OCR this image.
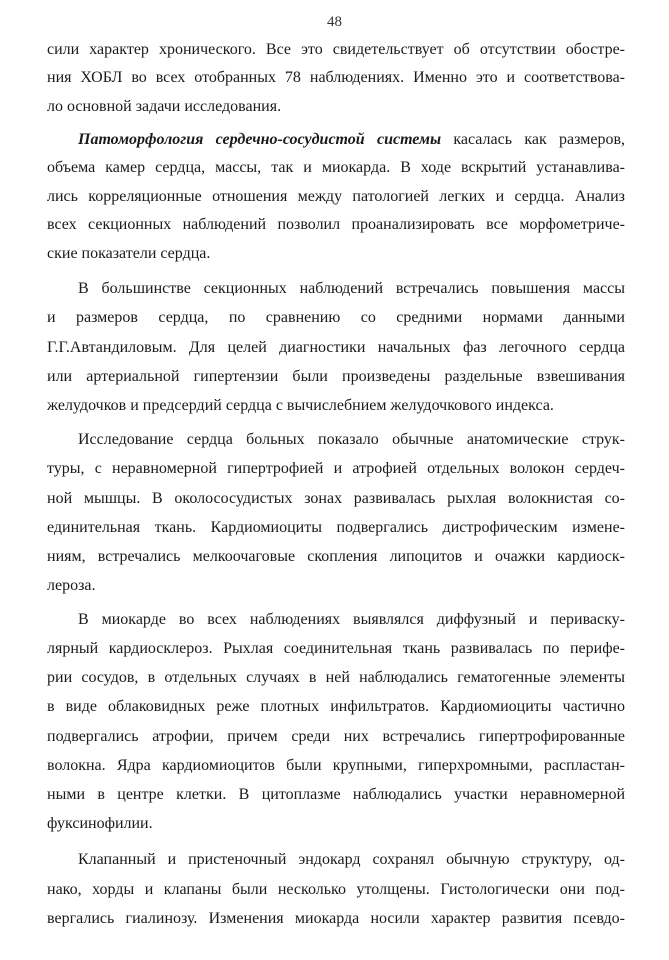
48
сили характер хронического. Все это свидетельствует об отсутствии обостре-
ния ХОБЛ во всех отобранных 78 наблюдениях. Именно это и соответствова-
ло основной задачи исследования.
Патоморфология сердечно-сосудистой системы касалась как размеров,
объема камер сердца, массы, так и миокарда. В ходе вскрытий устанавлива-
лись корреляционные отношения между патологией легких и сердца. Анализ
всех секционных наблюдений позволил проанализировать все морфометриче-
ские показатели сердца.
В большинстве секционных наблюдений встречались повышения массы
и размеров сердца, по сравнению со средними нормами данными
Г.Г.Автандиловым. Для целей диагностики начальных фаз легочного сердца
или артериальной гипертензии были произведены раздельные взвешивания
желудочков и предсердий сердца с вычислебнием желудочкового индекса.
Исследование сердца больных показало обычные анатомические струк-
туры, с неравномерной гипертрофией и атрофией отдельных волокон сердеч-
ной мышцы. В околососудистых зонах развивалась рыхлая волокнистая со-
единительная ткань. Кардиомиоциты подвергались дистрофическим измене-
ниям, встречались мелкоочаговые скопления липоцитов и очажки кардиоск-
лероза.
В миокарде во всех наблюдениях выявлялся диффузный и периваску-
лярный кардиосклероз. Рыхлая соединительная ткань развивалась по перифе-
рии сосудов, в отдельных случаях в ней наблюдались гематогенные элементы
в виде облаковидных реже плотных инфильтратов. Кардиомиоциты частично
подвергались атрофии, причем среди них встречались гипертрофированные
волокна. Ядра кардиомиоцитов были крупными, гиперхромными, распластан-
ными в центре клетки. В цитоплазме наблюдались участки неравномерной
фуксинофилии.
Клапанный и пристеночный эндокард сохранял обычную структуру, од-
нако, хорды и клапаны были несколько утолщены. Гистологически они под-
вергались гиалинозу. Изменения миокарда носили характер развития псевдо-
